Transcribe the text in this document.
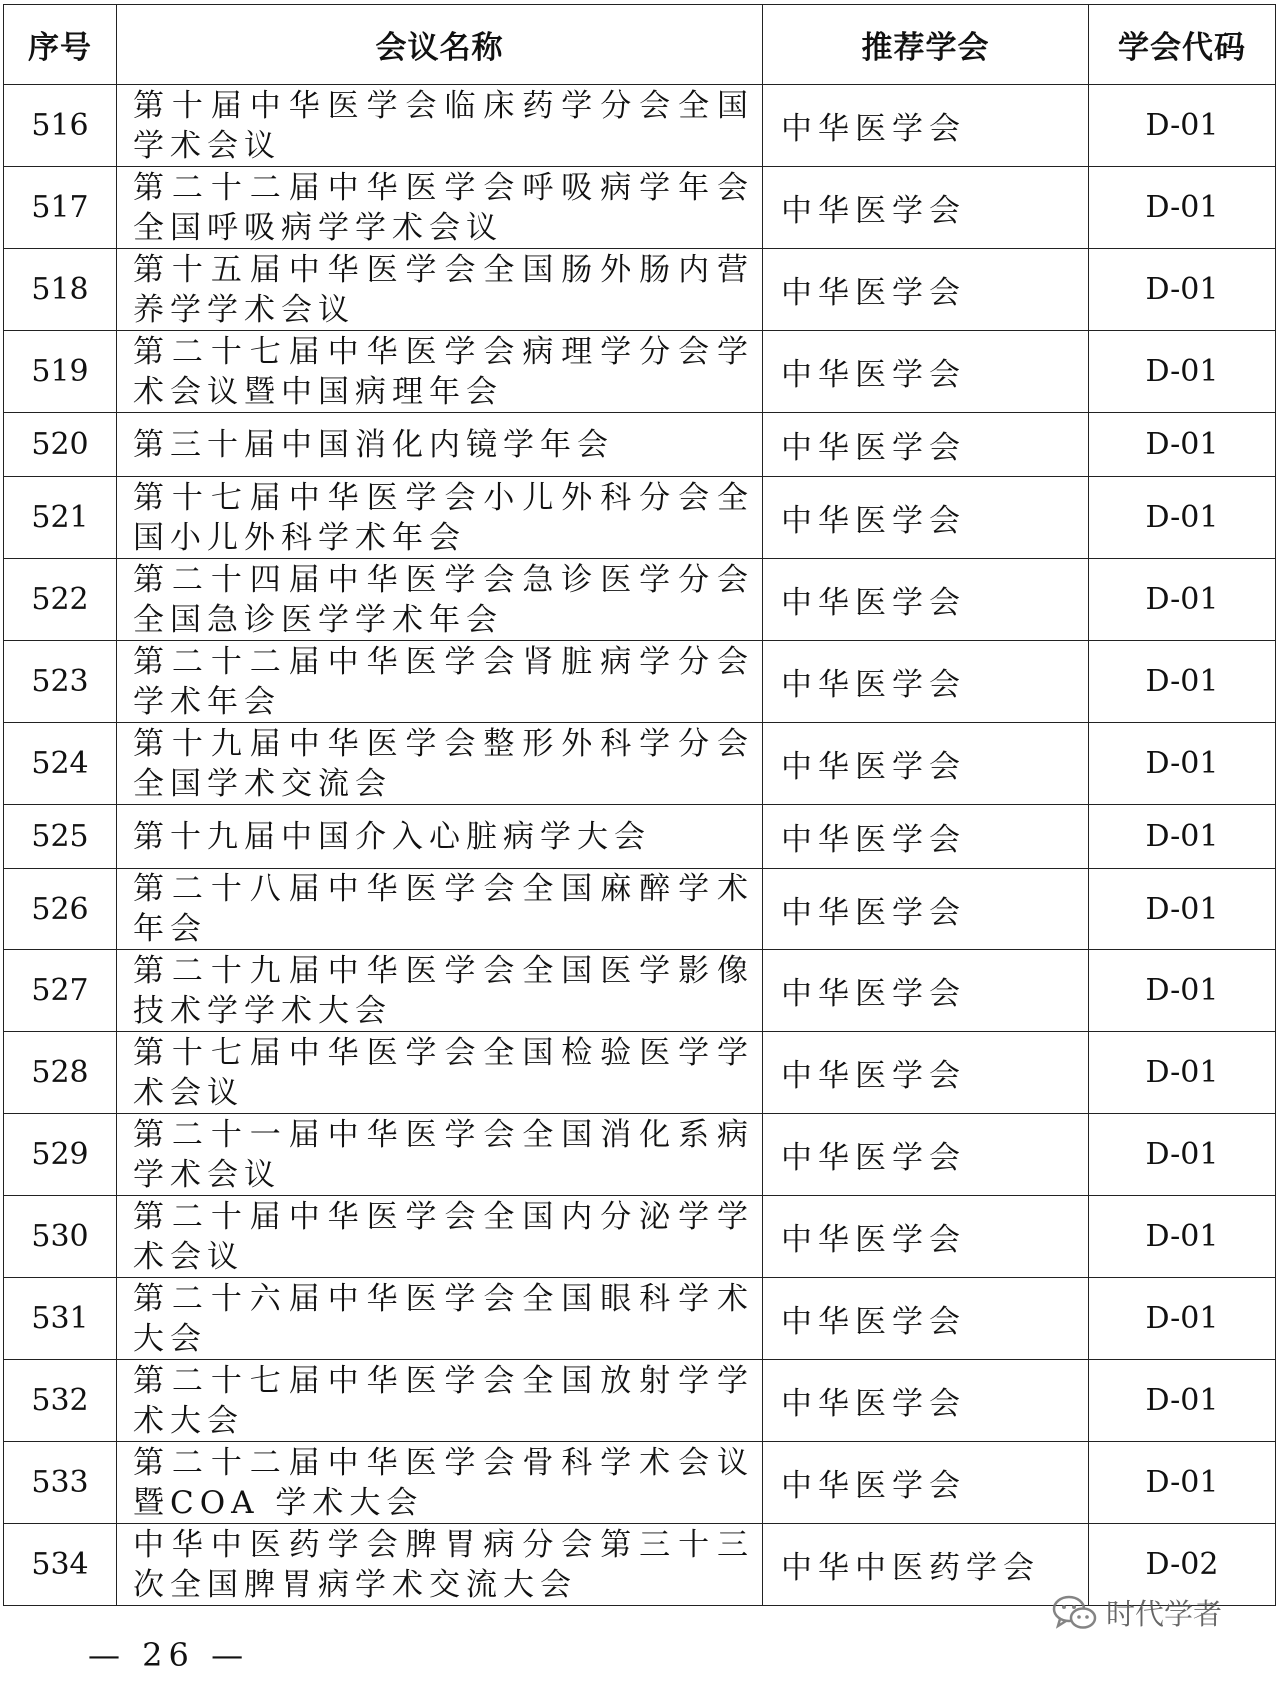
序号	会议名称	推荐学会	学会代码
516	第十届中华医学会临床药学分会全国学术会议	中华医学会	D-01
517	第二十二届中华医学会呼吸病学年会全国呼吸病学学术会议	中华医学会	D-01
518	第十五届中华医学会全国肠外肠内营养学学术会议	中华医学会	D-01
519	第二十七届中华医学会病理学分会学术会议暨中国病理年会	中华医学会	D-01
520	第三十届中国消化内镜学年会	中华医学会	D-01
521	第十七届中华医学会小儿外科分会全国小儿外科学术年会	中华医学会	D-01
522	第二十四届中华医学会急诊医学分会全国急诊医学学术年会	中华医学会	D-01
523	第二十二届中华医学会肾脏病学分会学术年会	中华医学会	D-01
524	第十九届中华医学会整形外科学分会全国学术交流会	中华医学会	D-01
525	第十九届中国介入心脏病学大会	中华医学会	D-01
526	第二十八届中华医学会全国麻醉学术年会	中华医学会	D-01
527	第二十九届中华医学会全国医学影像技术学学术大会	中华医学会	D-01
528	第十七届中华医学会全国检验医学学术会议	中华医学会	D-01
529	第二十一届中华医学会全国消化系病学术会议	中华医学会	D-01
530	第二十届中华医学会全国内分泌学学术会议	中华医学会	D-01
531	第二十六届中华医学会全国眼科学术大会	中华医学会	D-01
532	第二十七届中华医学会全国放射学学术大会	中华医学会	D-01
533	第二十二届中华医学会骨科学术会议暨COA 学术大会	中华医学会	D-01
534	中华中医药学会脾胃病分会第三十三次全国脾胃病学术交流大会	中华中医药学会	D-02
时代学者
— 26 —
